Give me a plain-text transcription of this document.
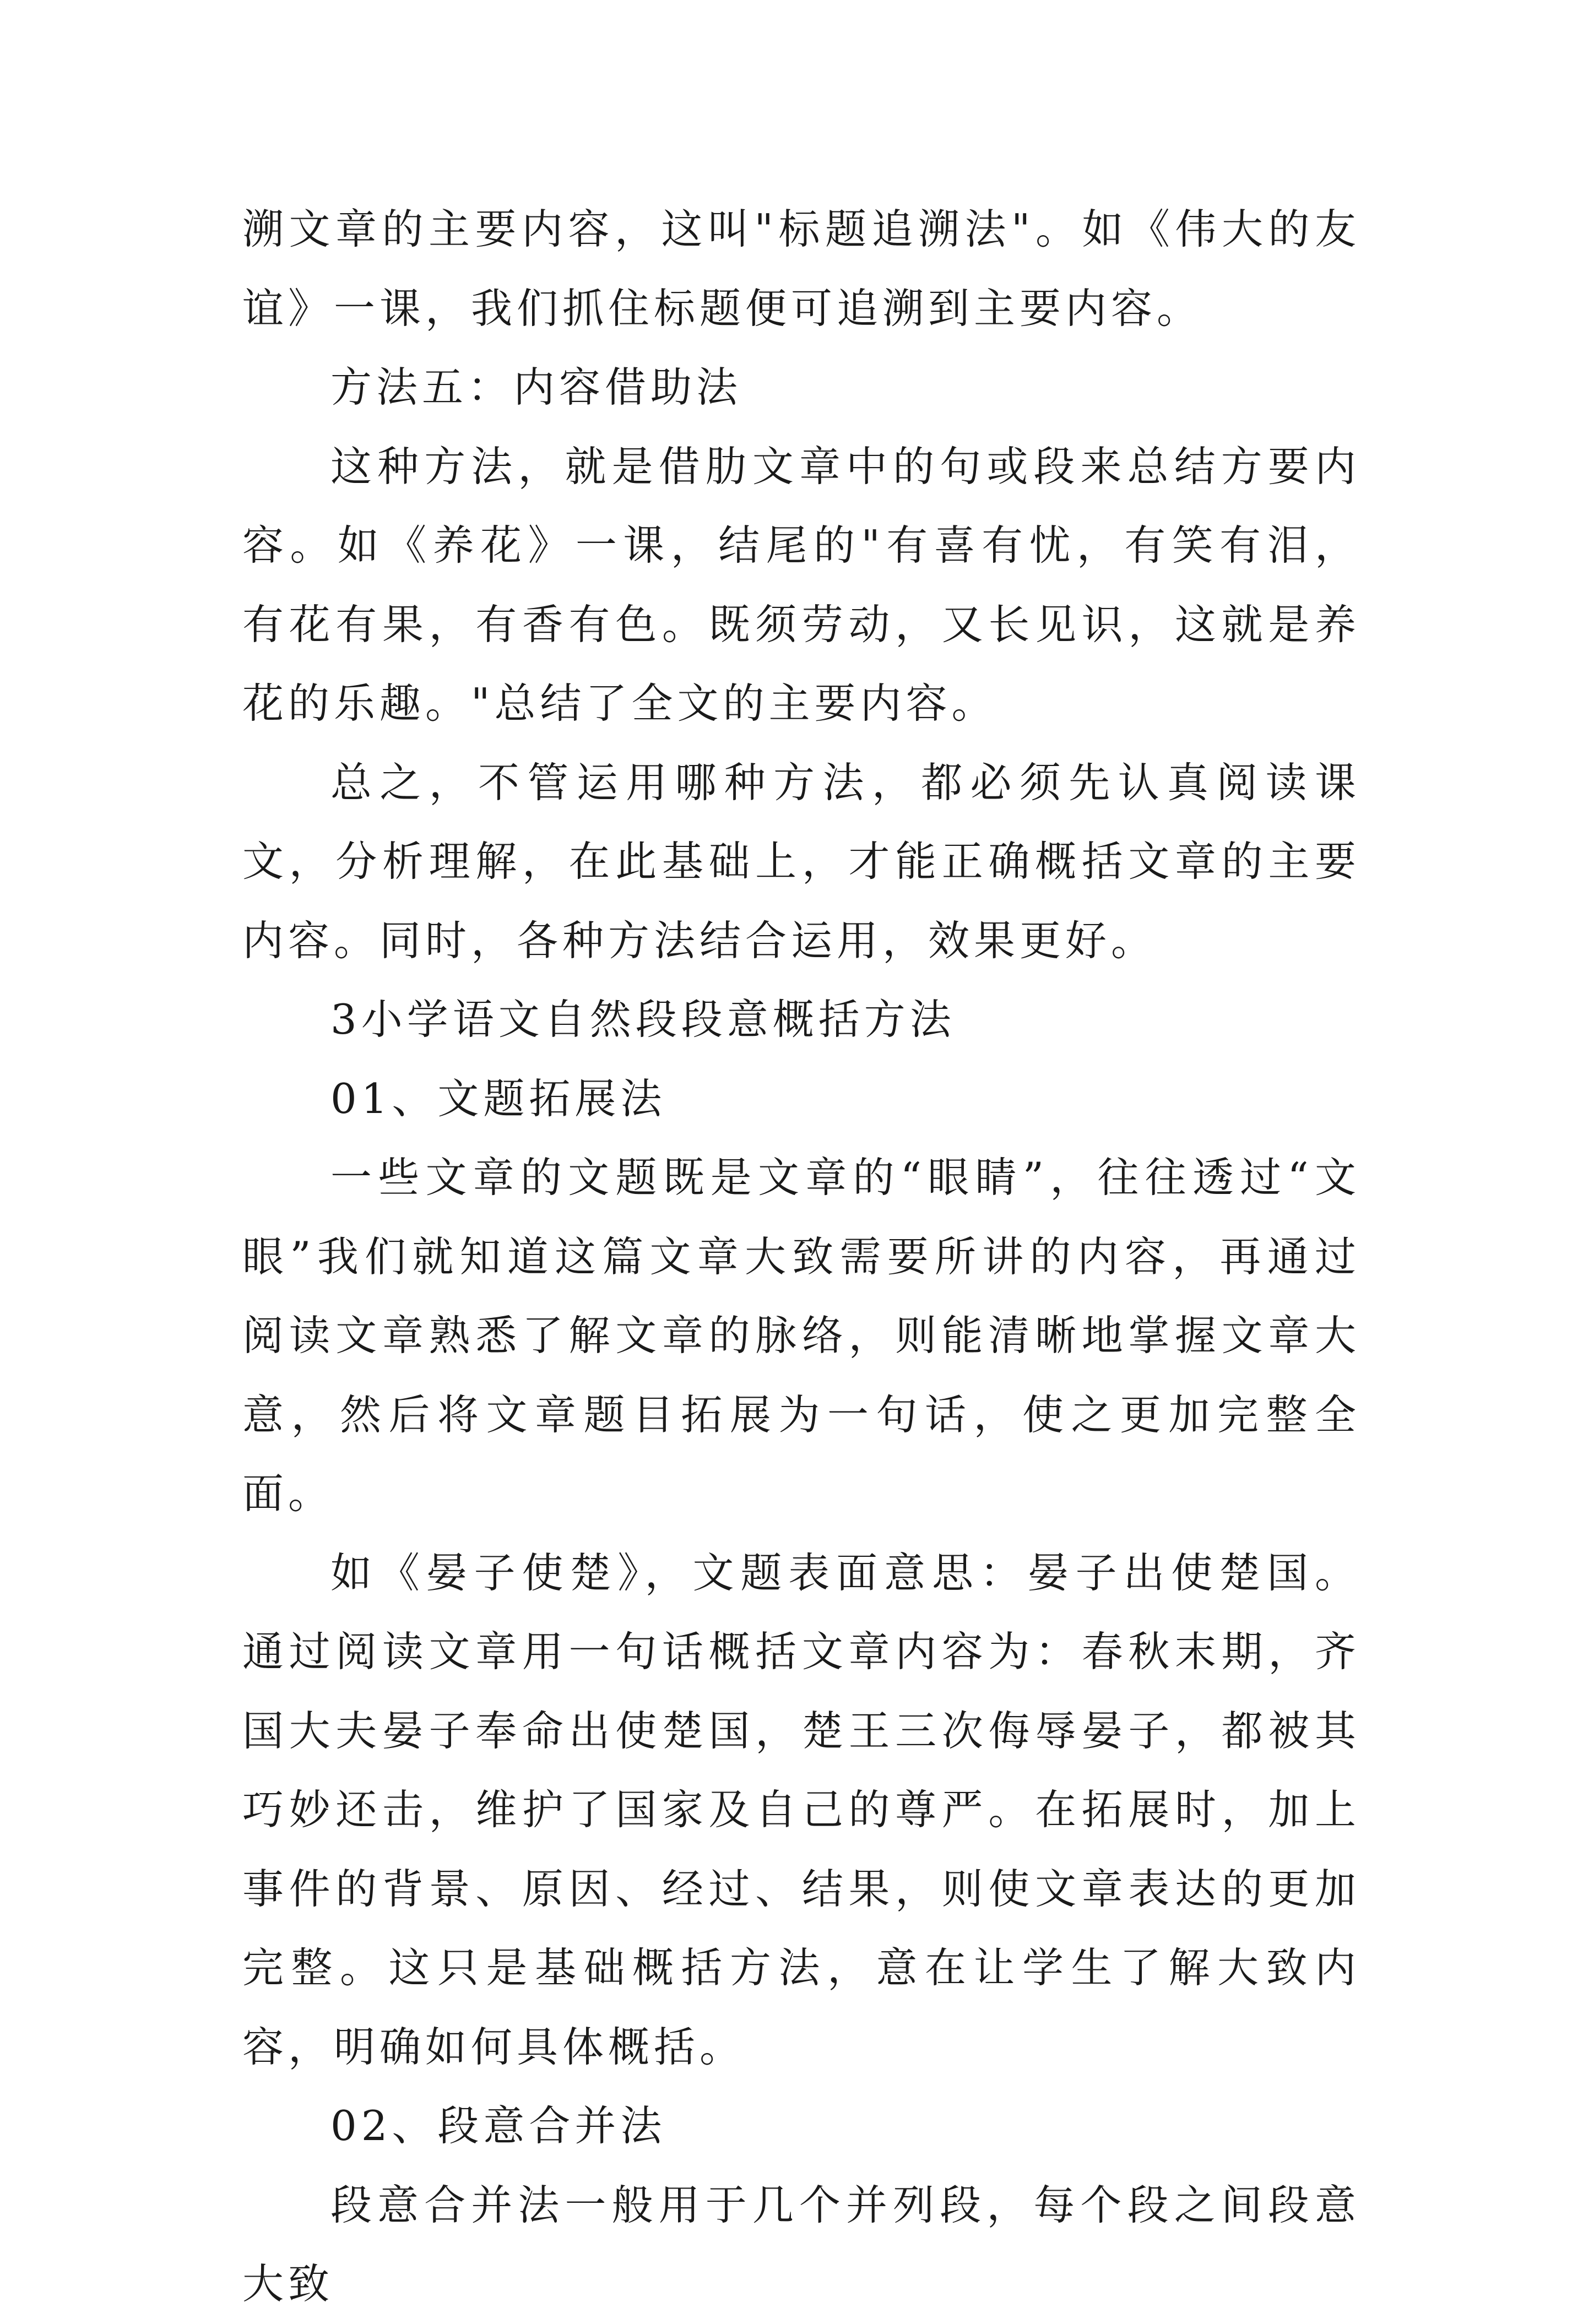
溯文章的主要内容，这叫"标题追溯法"。如《伟大的友谊》一课，我们抓住标题便可追溯到主要内容。

方法五：内容借助法

这种方法，就是借肋文章中的句或段来总结方要内容。如《养花》一课，结尾的"有喜有忧，有笑有泪，有花有果，有香有色。既须劳动，又长见识，这就是养花的乐趣。"总结了全文的主要内容。

总之，不管运用哪种方法，都必须先认真阅读课文，分析理解，在此基础上，才能正确概括文章的主要内容。同时，各种方法结合运用，效果更好。

3小学语文自然段段意概括方法

01、文题拓展法

一些文章的文题既是文章的“眼睛”，往往透过“文眼”我们就知道这篇文章大致需要所讲的内容，再通过阅读文章熟悉了解文章的脉络，则能清晰地掌握文章大意，然后将文章题目拓展为一句话，使之更加完整全面。

如《晏子使楚》，文题表面意思：晏子出使楚国。通过阅读文章用一句话概括文章内容为：春秋末期，齐国大夫晏子奉命出使楚国，楚王三次侮辱晏子，都被其巧妙还击，维护了国家及自己的尊严。在拓展时，加上事件的背景、原因、经过、结果，则使文章表达的更加完整。这只是基础概括方法，意在让学生了解大致内容，明确如何具体概括。

02、段意合并法

段意合并法一般用于几个并列段，每个段之间段意大致
